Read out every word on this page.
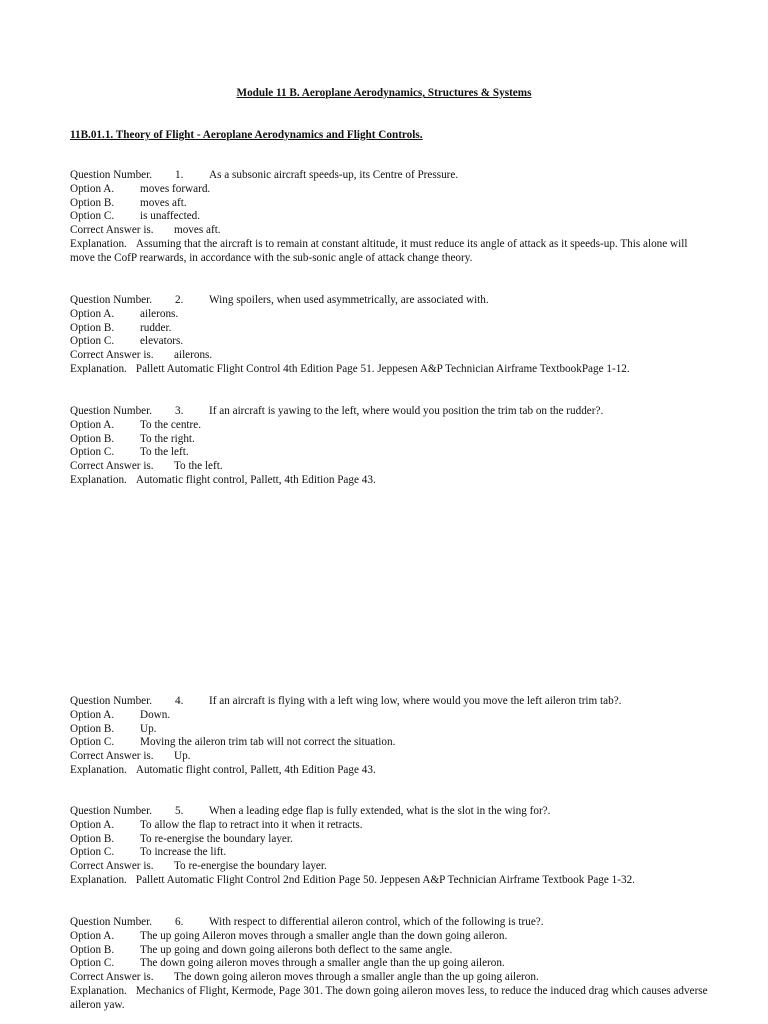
Module 11 B. Aeroplane Aerodynamics, Structures & Systems
11B.01.1. Theory of Flight - Aeroplane Aerodynamics and Flight Controls.
Question Number. 1. As a subsonic aircraft speeds-up, its Centre of Pressure.
Option A. moves forward.
Option B. moves aft.
Option C. is unaffected.
Correct Answer is. moves aft.
Explanation. Assuming that the aircraft is to remain at constant altitude, it must reduce its angle of attack as it speeds-up. This alone will move the CofP rearwards, in accordance with the sub-sonic angle of attack change theory.
Question Number. 2. Wing spoilers, when used asymmetrically, are associated with.
Option A. ailerons.
Option B. rudder.
Option C. elevators.
Correct Answer is. ailerons.
Explanation. Pallett Automatic Flight Control 4th Edition Page 51. Jeppesen A&P Technician Airframe TextbookPage 1-12.
Question Number. 3. If an aircraft is yawing to the left, where would you position the trim tab on the rudder?.
Option A. To the centre.
Option B. To the right.
Option C. To the left.
Correct Answer is. To the left.
Explanation. Automatic flight control, Pallett, 4th Edition Page 43.
Question Number. 4. If an aircraft is flying with a left wing low, where would you move the left aileron trim tab?.
Option A. Down.
Option B. Up.
Option C. Moving the aileron trim tab will not correct the situation.
Correct Answer is. Up.
Explanation. Automatic flight control, Pallett, 4th Edition Page 43.
Question Number. 5. When a leading edge flap is fully extended, what is the slot in the wing for?.
Option A. To allow the flap to retract into it when it retracts.
Option B. To re-energise the boundary layer.
Option C. To increase the lift.
Correct Answer is. To re-energise the boundary layer.
Explanation. Pallett Automatic Flight Control 2nd Edition Page 50. Jeppesen A&P Technician Airframe Textbook Page 1-32.
Question Number. 6. With respect to differential aileron control, which of the following is true?.
Option A. The up going Aileron moves through a smaller angle than the down going aileron.
Option B. The up going and down going ailerons both deflect to the same angle.
Option C. The down going aileron moves through a smaller angle than the up going aileron.
Correct Answer is. The down going aileron moves through a smaller angle than the up going aileron.
Explanation. Mechanics of Flight, Kermode, Page 301. The down going aileron moves less, to reduce the induced drag which causes adverse aileron yaw.
